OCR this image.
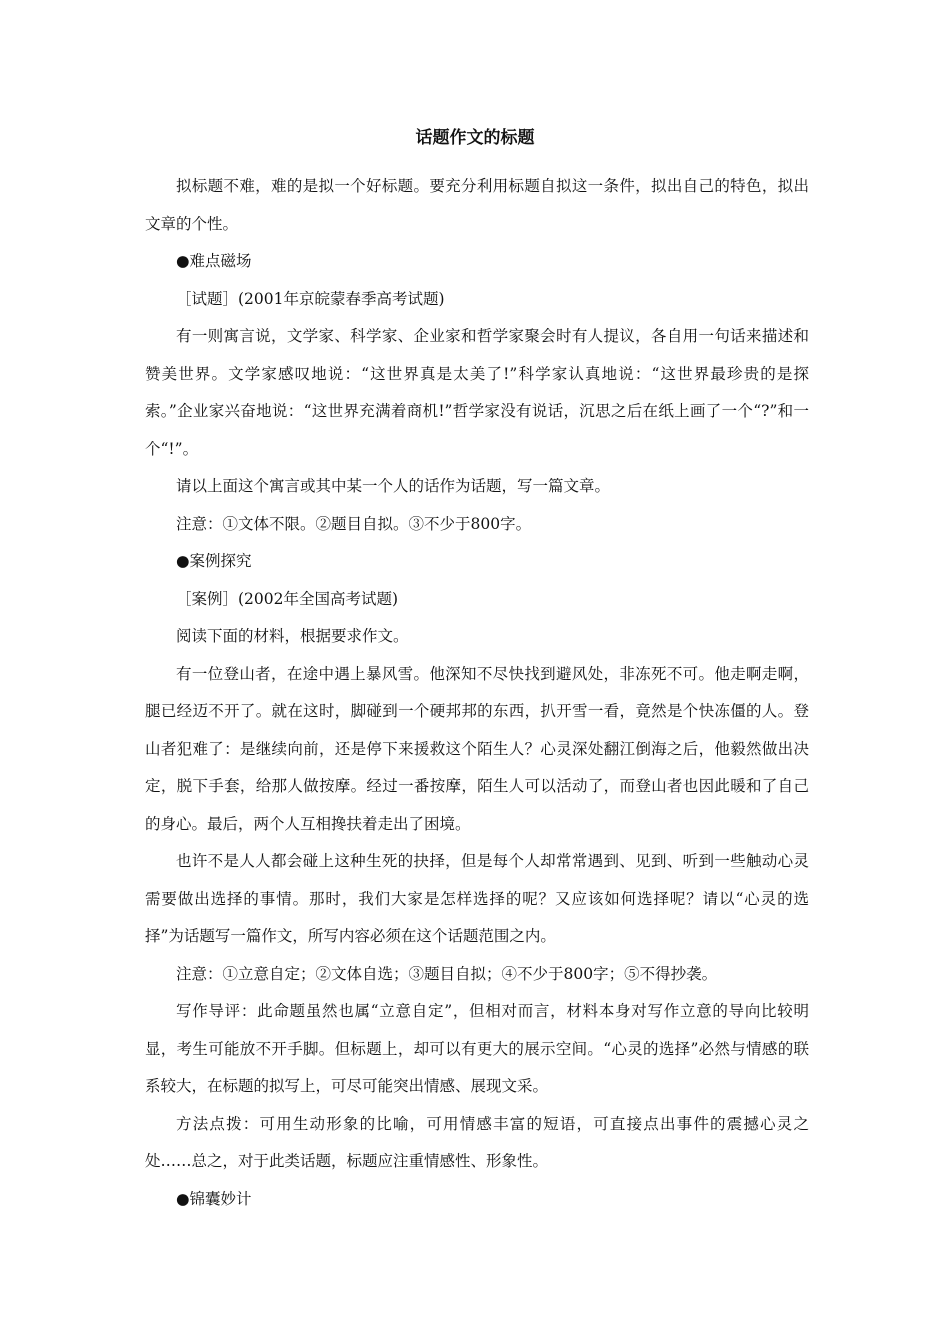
话题作文的标题

拟标题不难，难的是拟一个好标题。要充分利用标题自拟这一条件，拟出自己的特色，拟出文章的个性。

●难点磁场

［试题］(2001年京皖蒙春季高考试题)

有一则寓言说，文学家、科学家、企业家和哲学家聚会时有人提议，各自用一句话来描述和赞美世界。文学家感叹地说：“这世界真是太美了!”科学家认真地说：“这世界最珍贵的是探索。”企业家兴奋地说：“这世界充满着商机!”哲学家没有说话，沉思之后在纸上画了一个“?”和一个“!”。

请以上面这个寓言或其中某一个人的话作为话题，写一篇文章。

注意：①文体不限。②题目自拟。③不少于800字。

●案例探究

［案例］(2002年全国高考试题)

阅读下面的材料，根据要求作文。

有一位登山者，在途中遇上暴风雪。他深知不尽快找到避风处，非冻死不可。他走啊走啊，腿已经迈不开了。就在这时，脚碰到一个硬邦邦的东西，扒开雪一看，竟然是个快冻僵的人。登山者犯难了：是继续向前，还是停下来援救这个陌生人？心灵深处翻江倒海之后，他毅然做出决定，脱下手套，给那人做按摩。经过一番按摩，陌生人可以活动了，而登山者也因此暖和了自己的身心。最后，两个人互相搀扶着走出了困境。

也许不是人人都会碰上这种生死的抉择，但是每个人却常常遇到、见到、听到一些触动心灵需要做出选择的事情。那时，我们大家是怎样选择的呢？又应该如何选择呢？请以“心灵的选择”为话题写一篇作文，所写内容必须在这个话题范围之内。

注意：①立意自定；②文体自选；③题目自拟；④不少于800字；⑤不得抄袭。

写作导评：此命题虽然也属“立意自定”，但相对而言，材料本身对写作立意的导向比较明显，考生可能放不开手脚。但标题上，却可以有更大的展示空间。“心灵的选择”必然与情感的联系较大，在标题的拟写上，可尽可能突出情感、展现文采。

方法点拨：可用生动形象的比喻，可用情感丰富的短语，可直接点出事件的震撼心灵之处……总之，对于此类话题，标题应注重情感性、形象性。

●锦囊妙计
